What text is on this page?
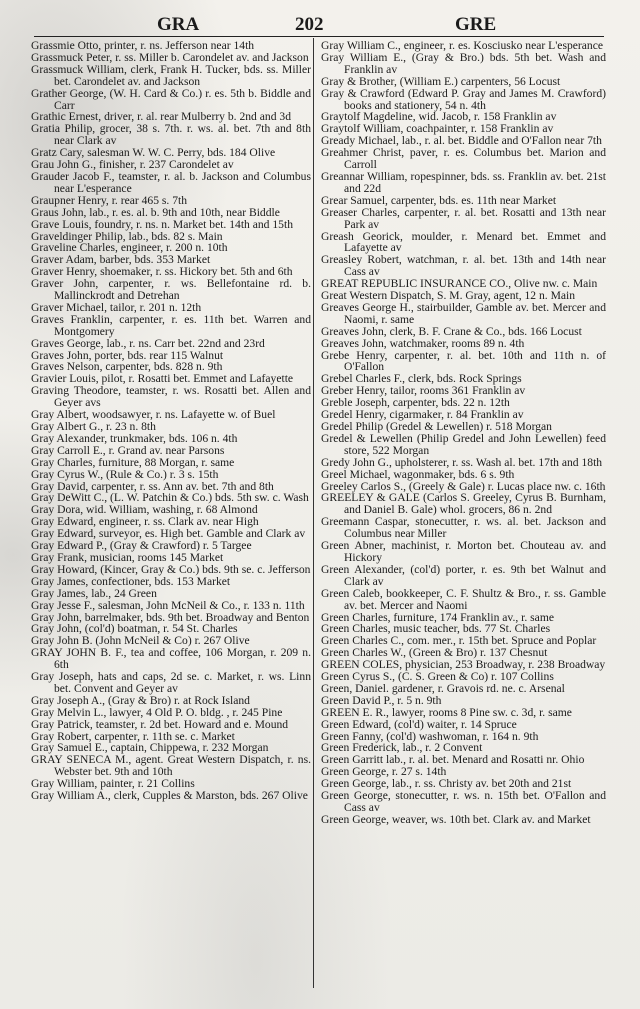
GRA	202	GRE

Grassmie Otto, printer, r. ns. Jefferson near 14th

Grassmuck Peter, r. ss. Miller b. Carondelet av. and Jackson

Grassmuck William, clerk, Frank H. Tucker, bds. ss. Miller bet. Carondelet av. and Jackson

Grather George, (W. H. Card & Co.) r. es. 5th b. Biddle and Carr

Grathic Ernest, driver, r. al. rear Mulberry b. 2nd and 3d

Gratia Philip, grocer, 38 s. 7th. r. ws. al. bet. 7th and 8th near Clark av

Gratz Cary, salesman W. W. C. Perry, bds. 184 Olive

Grau John G., finisher, r. 237 Carondelet av

Grauder Jacob F., teamster, r. al. b. Jackson and Columbus near L'esperance

Graupner Henry, r. rear 465 s. 7th

Graus John, lab., r. es. al. b. 9th and 10th, near Biddle

Grave Louis, foundry, r. ns. n. Market bet. 14th and 15th

Graveldinger Philip, lab., bds. 82 s. Main

Graveline Charles, engineer, r. 200 n. 10th

Graver Adam, barber, bds. 353 Market

Graver Henry, shoemaker, r. ss. Hickory bet. 5th and 6th

Graver John, carpenter, r. ws. Bellefontaine rd. b. Mallinckrodt and Detrehan

Graver Michael, tailor, r. 201 n. 12th

Graves Franklin, carpenter, r. es. 11th bet. Warren and Montgomery

Graves George, lab., r. ns. Carr bet. 22nd and 23rd

Graves John, porter, bds. rear 115 Walnut

Graves Nelson, carpenter, bds. 828 n. 9th

Gravier Louis, pilot, r. Rosatti bet. Emmet and Lafayette

Graving Theodore, teamster, r. ws. Rosatti bet. Allen and Geyer avs

Gray Albert, woodsawyer, r. ns. Lafayette w. of Buel

Gray Albert G., r. 23 n. 8th

Gray Alexander, trunkmaker, bds. 106 n. 4th

Gray Carroll E., r. Grand av. near Parsons

Gray Charles, furniture, 88 Morgan, r. same

Gray Cyrus W., (Rule & Co.) r. 3 s. 15th

Gray David, carpenter, r. ss. Ann av. bet. 7th and 8th

Gray DeWitt C., (L. W. Patchin & Co.) bds. 5th sw. c. Wash

Gray Dora, wid. William, washing, r. 68 Almond

Gray Edward, engineer, r. ss. Clark av. near High

Gray Edward, surveyor, es. High bet. Gamble and Clark av

Gray Edward P., (Gray & Crawford) r. 5 Targee

Gray Frank, musician, rooms 145 Market

Gray Howard, (Kincer, Gray & Co.) bds. 9th se. c. Jefferson

Gray James, confectioner, bds. 153 Market

Gray James, lab., 24 Green

Gray Jesse F., salesman, John McNeil & Co., r. 133 n. 11th

Gray John, barrelmaker, bds. 9th bet. Broadway and Benton

Gray John, (col'd) boatman, r. 54 St. Charles

Gray John B. (John McNeil & Co) r. 267 Olive

GRAY JOHN B. F., tea and coffee, 106 Morgan, r. 209 n. 6th

Gray Joseph, hats and caps, 2d se. c. Market, r. ws. Linn bet. Convent and Geyer av

Gray Joseph A., (Gray & Bro) r. at Rock Island

Gray Melvin L., lawyer, 4 Old P. O. bldg. , r. 245 Pine

Gray Patrick, teamster, r. 2d bet. Howard and e. Mound

Gray Robert, carpenter, r. 11th se. c. Market

Gray Samuel E., captain, Chippewa, r. 232 Morgan

GRAY SENECA M., agent. Great Western Dispatch, r. ns. Webster bet. 9th and 10th

Gray William, painter, r. 21 Collins

Gray William A., clerk, Cupples & Marston, bds. 267 Olive

Gray William C., engineer, r. es. Kosciusko near L'esperance

Gray William E., (Gray & Bro.) bds. 5th bet. Wash and Franklin av

Gray & Brother, (William E.) carpenters, 56 Locust

Gray & Crawford (Edward P. Gray and James M. Crawford) books and stationery, 54 n. 4th

Graytolf Magdeline, wid. Jacob, r. 158 Franklin av

Graytolf William, coachpainter, r. 158 Franklin av

Gready Michael, lab., r. al. bet. Biddle and O'Fallon near 7th

Greahmer Christ, paver, r. es. Columbus bet. Marion and Carroll

Greannar William, ropespinner, bds. ss. Franklin av. bet. 21st and 22d

Grear Samuel, carpenter, bds. es. 11th near Market

Greaser Charles, carpenter, r. al. bet. Rosatti and 13th near Park av

Greash Georick, moulder, r. Menard bet. Emmet and Lafayette av

Greasley Robert, watchman, r. al. bet. 13th and 14th near Cass av

GREAT REPUBLIC INSURANCE CO., Olive nw. c. Main

Great Western Dispatch, S. M. Gray, agent, 12 n. Main

Greaves George H., stairbuilder, Gamble av. bet. Mercer and Naomi, r. same

Greaves John, clerk, B. F. Crane & Co., bds. 166 Locust

Greaves John, watchmaker, rooms 89 n. 4th

Grebe Henry, carpenter, r. al. bet. 10th and 11th n. of O'Fallon

Grebel Charles F., clerk, bds. Rock Springs

Greber Henry, tailor, rooms 361 Franklin av

Greble Joseph, carpenter, bds. 22 n. 12th

Gredel Henry, cigarmaker, r. 84 Franklin av

Gredel Philip (Gredel & Lewellen) r. 518 Morgan

Gredel & Lewellen (Philip Gredel and John Lewellen) feed store, 522 Morgan

Gredy John G., upholsterer, r. ss. Wash al. bet. 17th and 18th

Greel Michael, wagonmaker, bds. 6 s. 9th

Greeley Carlos S., (Greely & Gale) r. Lucas place nw. c. 16th

GREELEY & GALE (Carlos S. Greeley, Cyrus B. Burnham, and Daniel B. Gale) whol. grocers, 86 n. 2nd

Greemann Caspar, stonecutter, r. ws. al. bet. Jackson and Columbus near Miller

Green Abner, machinist, r. Morton bet. Chouteau av. and Hickory

Green Alexander, (col'd) porter, r. es. 9th bet Walnut and Clark av

Green Caleb, bookkeeper, C. F. Shultz & Bro., r. ss. Gamble av. bet. Mercer and Naomi

Green Charles, furniture, 174 Franklin av., r. same

Green Charles, music teacher, bds. 77 St. Charles

Green Charles C., com. mer., r. 15th bet. Spruce and Poplar

Green Charles W., (Green & Bro) r. 137 Chesnut

GREEN COLES, physician, 253 Broadway, r. 238 Broadway

Green Cyrus S., (C. S. Green & Co) r. 107 Collins

Green, Daniel. gardener, r. Gravois rd. ne. c. Arsenal

Green David P., r. 5 n. 9th

GREEN E. R., lawyer, rooms 8 Pine sw. c. 3d, r. same

Green Edward, (col'd) waiter, r. 14 Spruce

Green Fanny, (col'd) washwoman, r. 164 n. 9th

Green Frederick, lab., r. 2 Convent

Green Garritt lab., r. al. bet. Menard and Rosatti nr. Ohio

Green George, r. 27 s. 14th

Green George, lab., r. ss. Christy av. bet 20th and 21st

Green George, stonecutter, r. ws. n. 15th bet. O'Fallon and Cass av

Green George, weaver, ws. 10th bet. Clark av. and Market
